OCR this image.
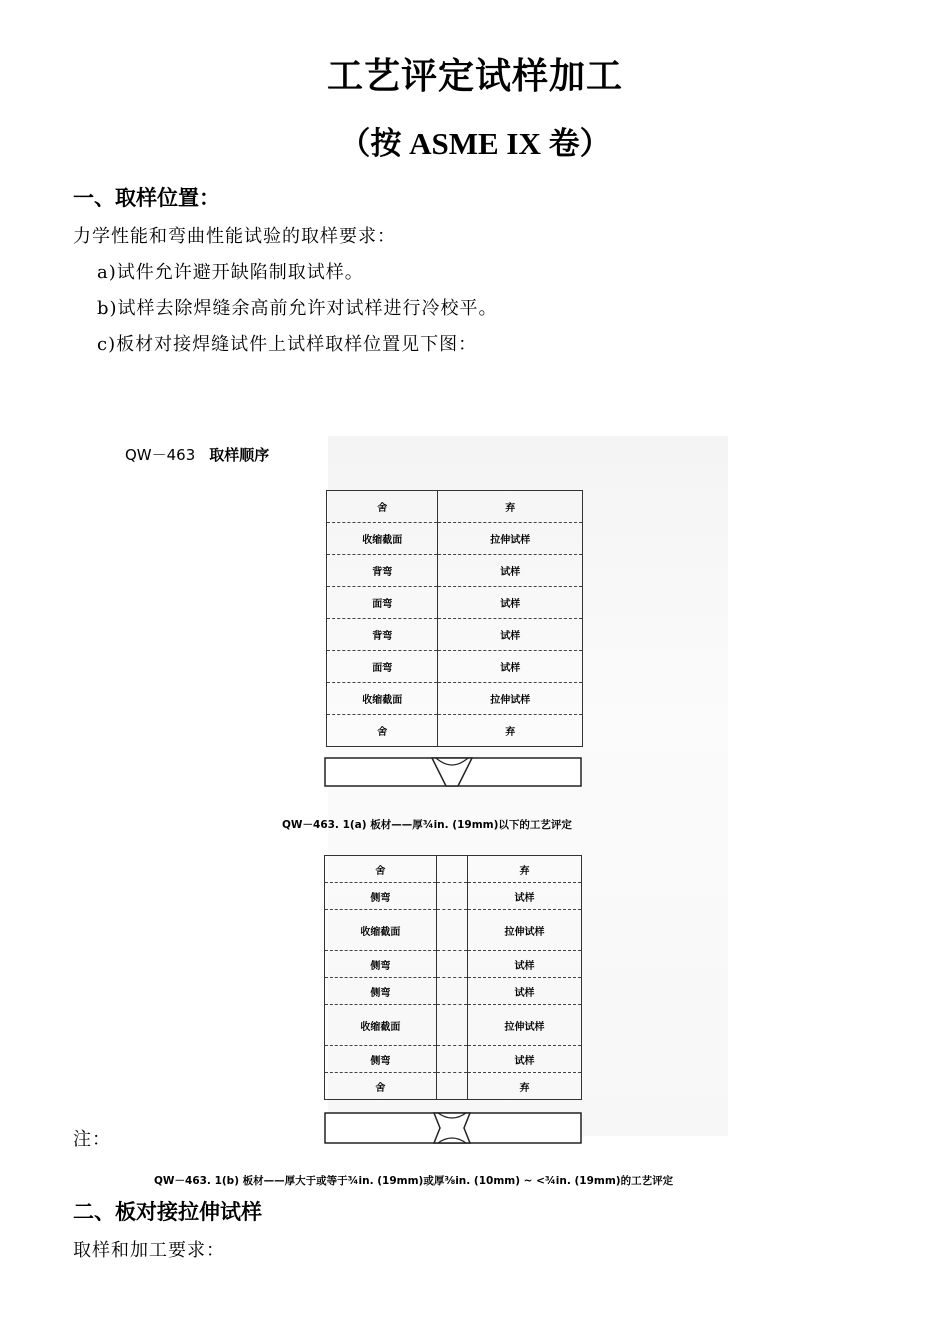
工艺评定试样加工
（按 ASME IX 卷）
一、取样位置：
力学性能和弯曲性能试验的取样要求：
a)试件允许避开缺陷制取试样。
b)试样去除焊缝余高前允许对试样进行冷校平。
c)板材对接焊缝试件上试样取样位置见下图：
QW－463 取样顺序
舍	弃
收缩截面	拉伸试样
背弯	试样
面弯	试样
背弯	试样
面弯	试样
收缩截面	拉伸试样
舍	弃
QW－463. 1(a) 板材——厚¾in. (19mm)以下的工艺评定
舍		弃
侧弯		试样
收缩截面		拉伸试样
侧弯		试样
侧弯		试样
收缩截面		拉伸试样
侧弯		试样
舍		弃
QW－463. 1(b) 板材——厚大于或等于¾in. (19mm)或厚⅜in. (10mm) ~ <¾in. (19mm)的工艺评定
注：
二、板对接拉伸试样
取样和加工要求：
